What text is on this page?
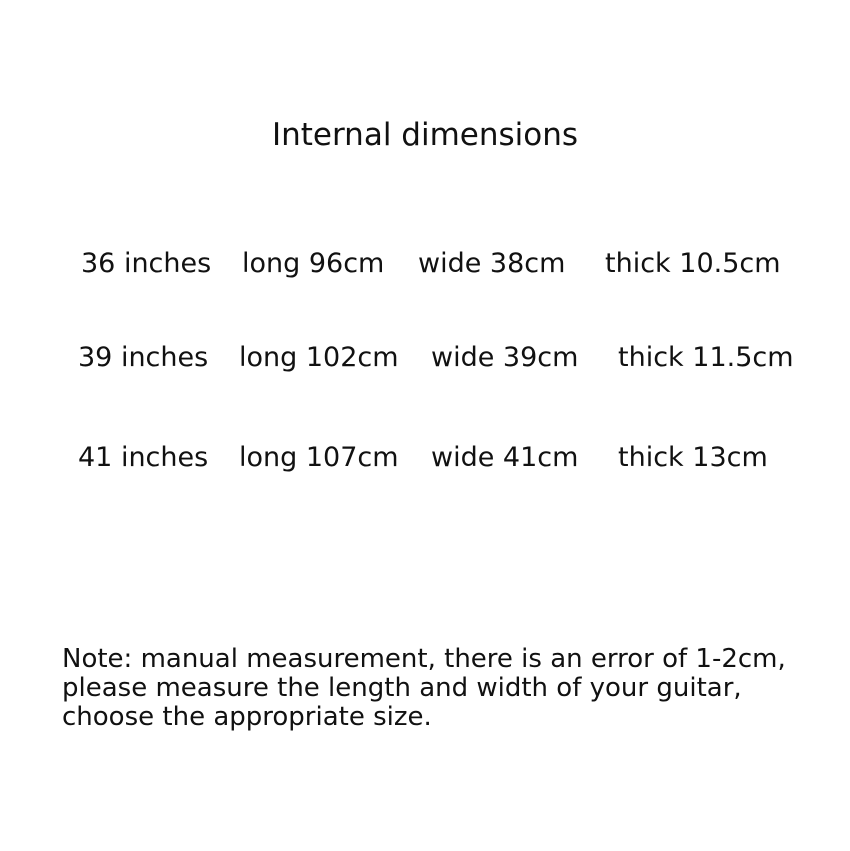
Internal dimensions
36 inches long 96cm wide 38cm thick 10.5cm
39 inches long 102cm wide 39cm thick 11.5cm
41 inches long 107cm wide 41cm thick 13cm
Note: manual measurement, there is an error of 1-2cm,
please measure the length and width of your guitar,
choose the appropriate size.
